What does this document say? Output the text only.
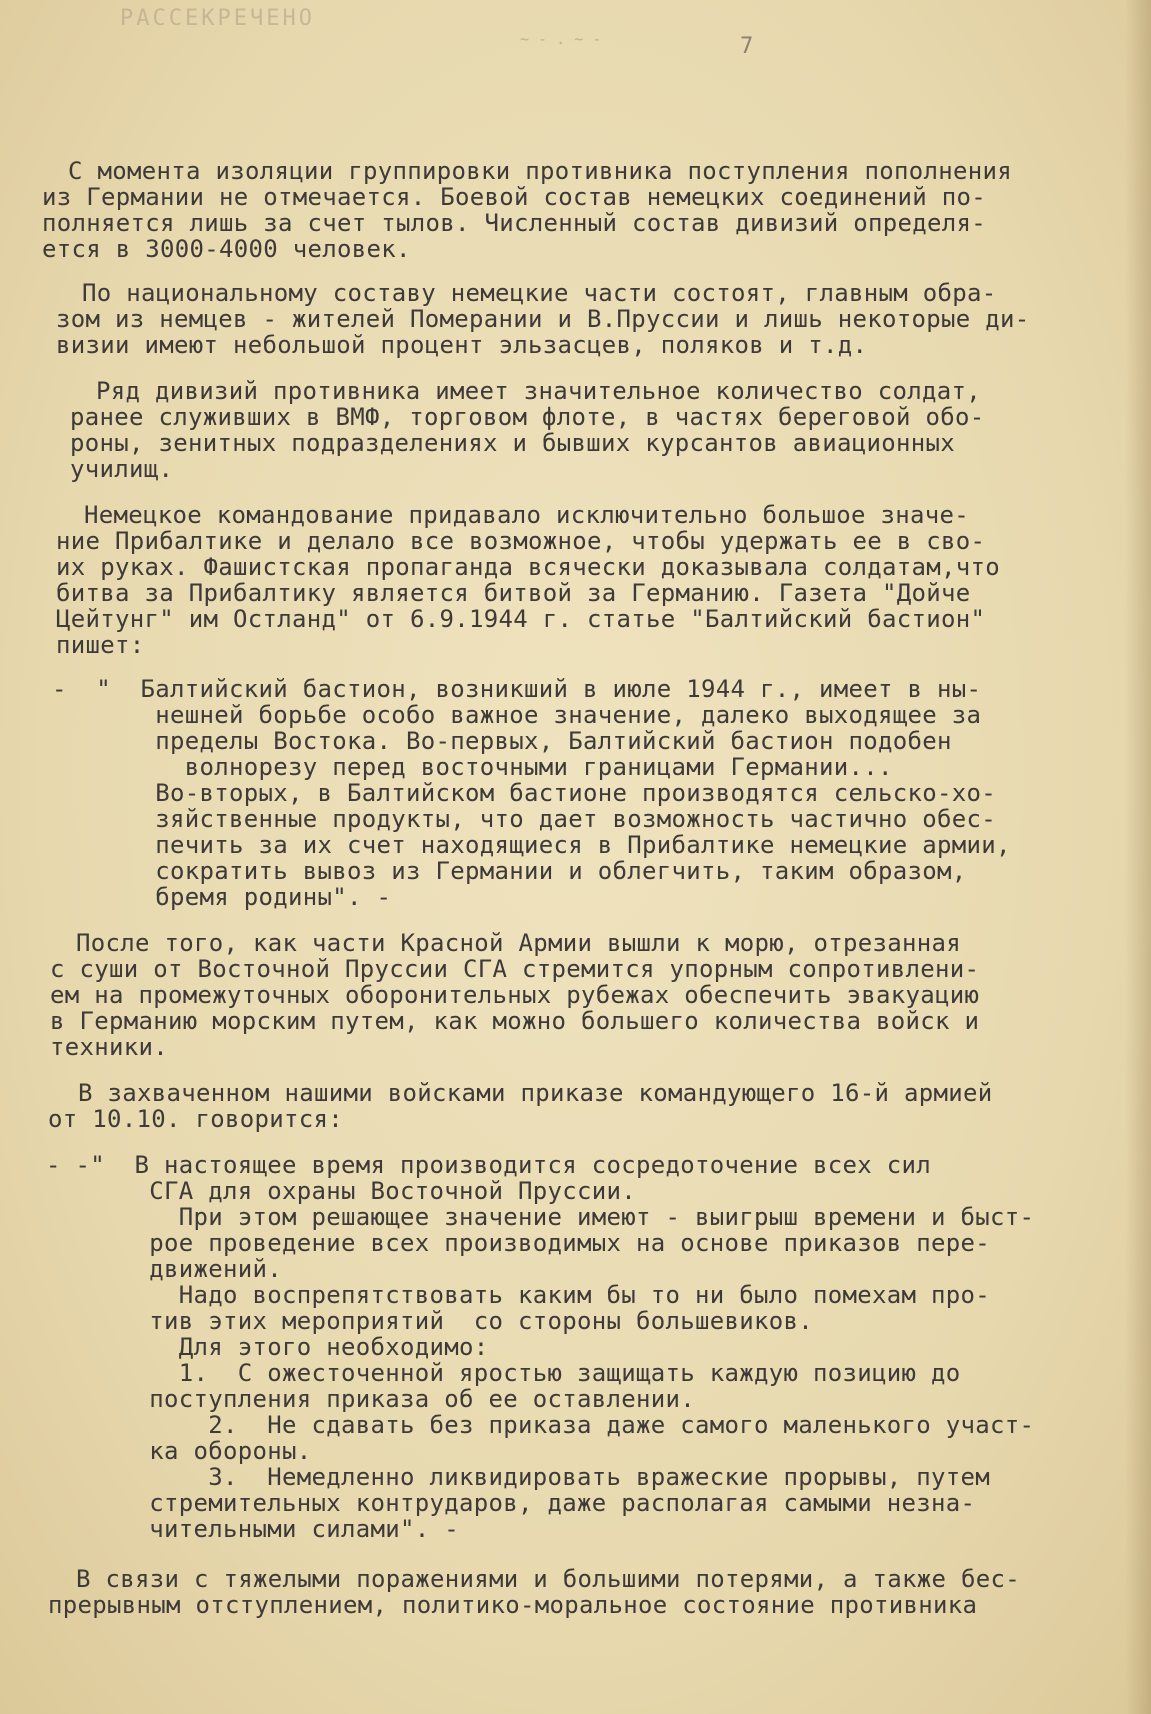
РАССЕКРЕЧЕНО
7
~ - . ~ -
С момента изоляции группировки противника поступления пополнения
из Германии не отмечается. Боевой состав немецких соединений по-
полняется лишь за счет тылов. Численный состав дивизий определя-
ется в 3000-4000 человек.
По национальному составу немецкие части состоят, главным обра-
зом из немцев - жителей Померании и В.Пруссии и лишь некоторые ди-
визии имеют небольшой процент эльзасцев, поляков и т.д.
Ряд дивизий противника имеет значительное количество солдат,
ранее служивших в ВМФ, торговом флоте, в частях береговой обо-
роны, зенитных подразделениях и бывших курсантов авиационных
училищ.
Немецкое командование придавало исключительно большое значе-
ние Прибалтике и делало все возможное, чтобы удержать ее в сво-
их руках. Фашистская пропаганда всячески доказывала солдатам,что
битва за Прибалтику является битвой за Германию. Газета "Дойче
Цейтунг" им Остланд" от 6.9.1944 г. статье "Балтийский бастион"
пишет:
-  "  Балтийский бастион, возникший в июле 1944 г., имеет в ны-
нешней борьбе особо важное значение, далеко выходящее за
пределы Востока. Во-первых, Балтийский бастион подобен
волнорезу перед восточными границами Германии...
Во-вторых, в Балтийском бастионе производятся сельско-хо-
зяйственные продукты, что дает возможность частично обес-
печить за их счет находящиеся в Прибалтике немецкие армии,
сократить вывоз из Германии и облегчить, таким образом,
бремя родины". -
После того, как части Красной Армии вышли к морю, отрезанная
с суши от Восточной Пруссии СГА стремится упорным сопротивлени-
ем на промежуточных оборонительных рубежах обеспечить эвакуацию
в Германию морским путем, как можно большего количества войск и
техники.
В захваченном нашими войсками приказе командующего 16-й армией
от 10.10. говорится:
- -"  В настоящее время производится сосредоточение всех сил
СГА для охраны Восточной Пруссии.
При этом решающее значение имеют - выигрыш времени и быст-
рое проведение всех производимых на основе приказов пере-
движений.
Надо воспрепятствовать каким бы то ни было помехам про-
тив этих мероприятий  со стороны большевиков.
Для этого необходимо:
1.  С ожесточенной яростью защищать каждую позицию до
поступления приказа об ее оставлении.
2.  Не сдавать без приказа даже самого маленького участ-
ка обороны.
3.  Немедленно ликвидировать вражеские прорывы, путем
стремительных контрударов, даже располагая самыми незна-
чительными силами". -
В связи с тяжелыми поражениями и большими потерями, а также бес-
прерывным отступлением, политико-моральное состояние противника
